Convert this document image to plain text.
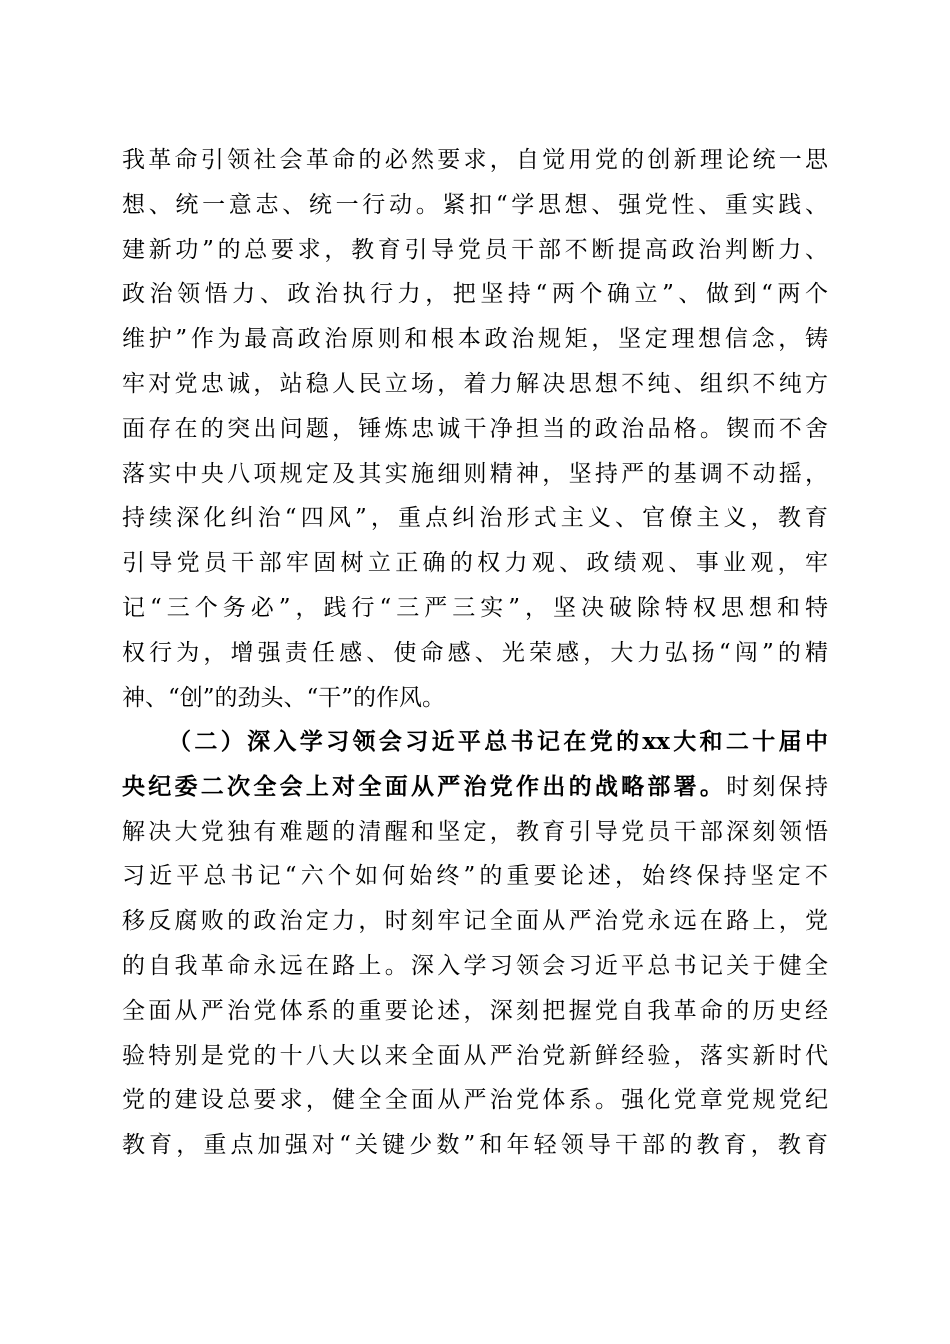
我革命引领社会革命的必然要求，自觉用党的创新理论统一思
想、统一意志、统一行动。紧扣“学思想、强党性、重实践、
建新功”的总要求，教育引导党员干部不断提高政治判断力、
政治领悟力、政治执行力，把坚持“两个确立”、做到“两个
维护”作为最高政治原则和根本政治规矩，坚定理想信念，铸
牢对党忠诚，站稳人民立场，着力解决思想不纯、组织不纯方
面存在的突出问题，锤炼忠诚干净担当的政治品格。锲而不舍
落实中央八项规定及其实施细则精神，坚持严的基调不动摇，
持续深化纠治“四风”，重点纠治形式主义、官僚主义，教育
引导党员干部牢固树立正确的权力观、政绩观、事业观，牢
记“三个务必”，践行“三严三实”，坚决破除特权思想和特
权行为，增强责任感、使命感、光荣感，大力弘扬“闯”的精
神、“创”的劲头、“干”的作风。
（二）深入学习领会习近平总书记在党的xx大和二十届中
央纪委二次全会上对全面从严治党作出的战略部署。时刻保持
解决大党独有难题的清醒和坚定，教育引导党员干部深刻领悟
习近平总书记“六个如何始终”的重要论述，始终保持坚定不
移反腐败的政治定力，时刻牢记全面从严治党永远在路上，党
的自我革命永远在路上。深入学习领会习近平总书记关于健全
全面从严治党体系的重要论述，深刻把握党自我革命的历史经
验特别是党的十八大以来全面从严治党新鲜经验，落实新时代
党的建设总要求，健全全面从严治党体系。强化党章党规党纪
教育，重点加强对“关键少数”和年轻领导干部的教育，教育
